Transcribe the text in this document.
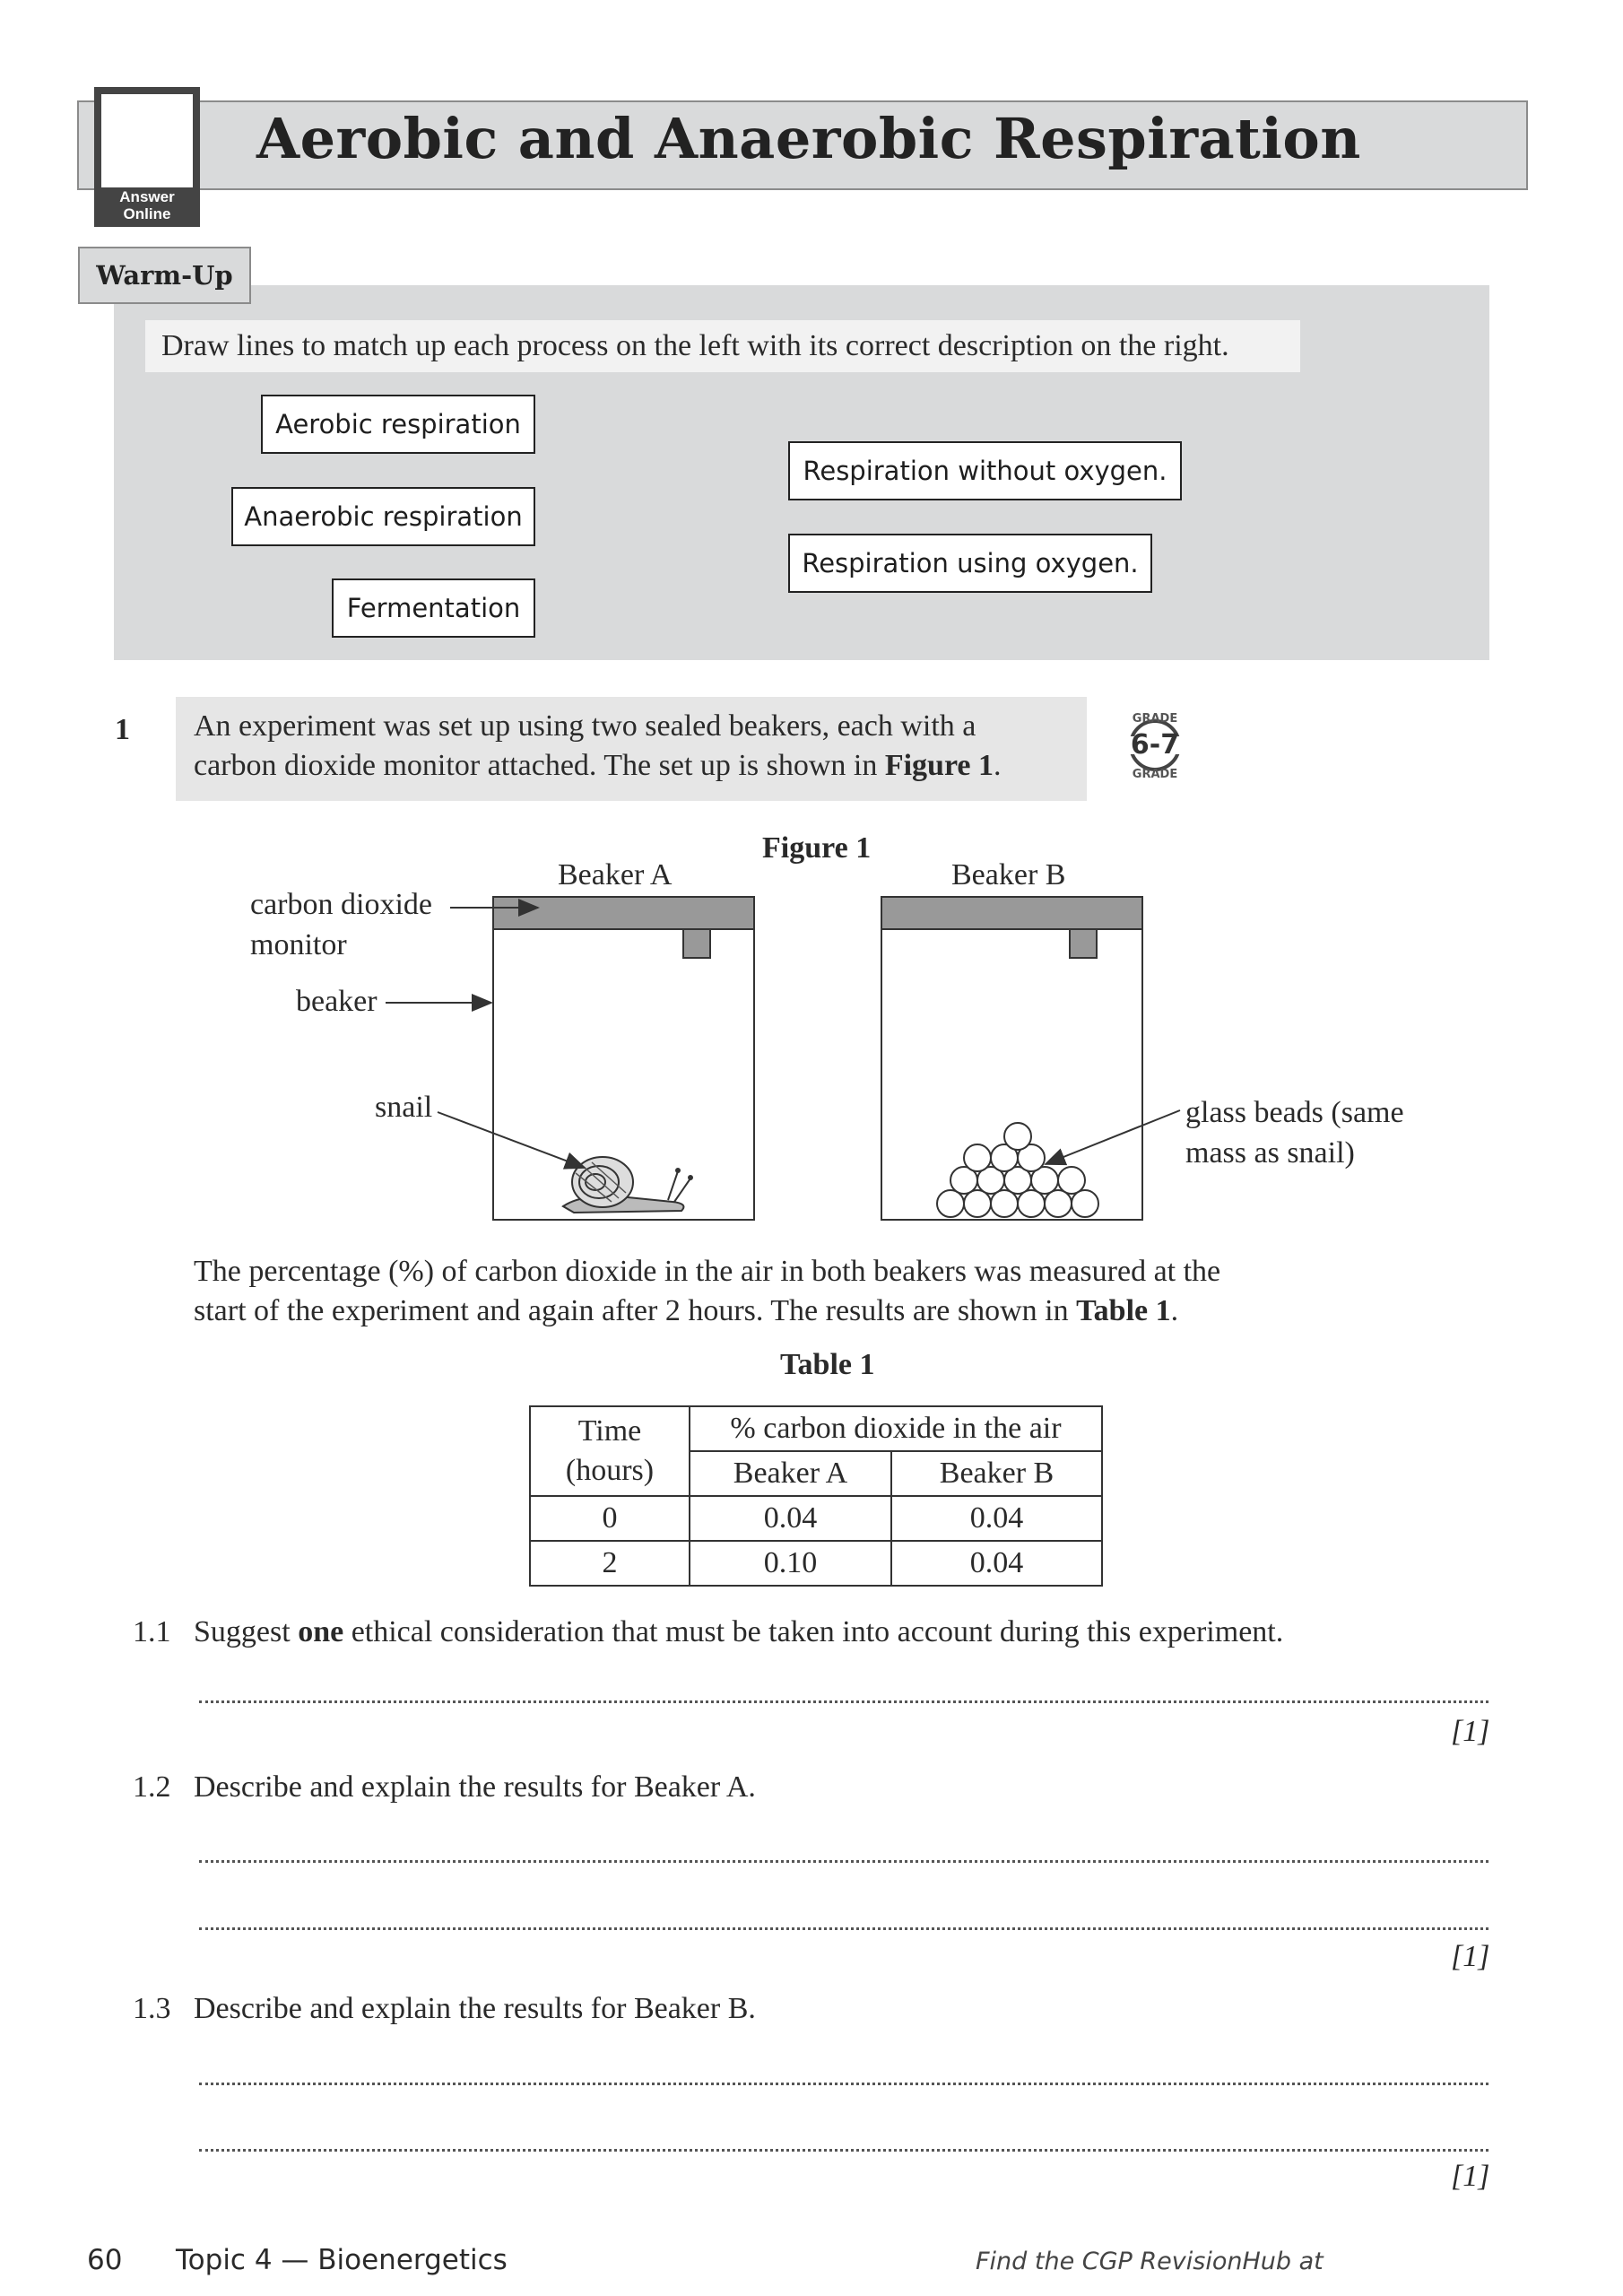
Answer
Online
Aerobic and Anaerobic Respiration
Warm-Up
Draw lines to match up each process on the left with its correct description on the right.
Aerobic respiration
Anaerobic respiration
Fermentation
Respiration without oxygen.
Respiration using oxygen.
1 An experiment was set up using two sealed beakers, each with a
carbon dioxide monitor attached. The set up is shown in Figure 1.
GRADE
6-7
GRADE
Figure 1
Beaker A	Beaker B
carbon dioxide
monitor
beaker
snail	glass beads (same
mass as snail)
The percentage (%) of carbon dioxide in the air in both beakers was measured at the
start of the experiment and again after 2 hours. The results are shown in Table 1.
Table 1
Time
(hours)	% carbon dioxide in the air	
	Beaker A	Beaker B
0	0.04	0.04
2	0.10	0.04
1.1 Suggest one ethical consideration that must be taken into account during this experiment.
[1]
1.2 Describe and explain the results for Beaker A.
[1]
1.3 Describe and explain the results for Beaker B.
[1]
60 Topic 4 — Bioenergetics	Find the CGP RevisionHub at
